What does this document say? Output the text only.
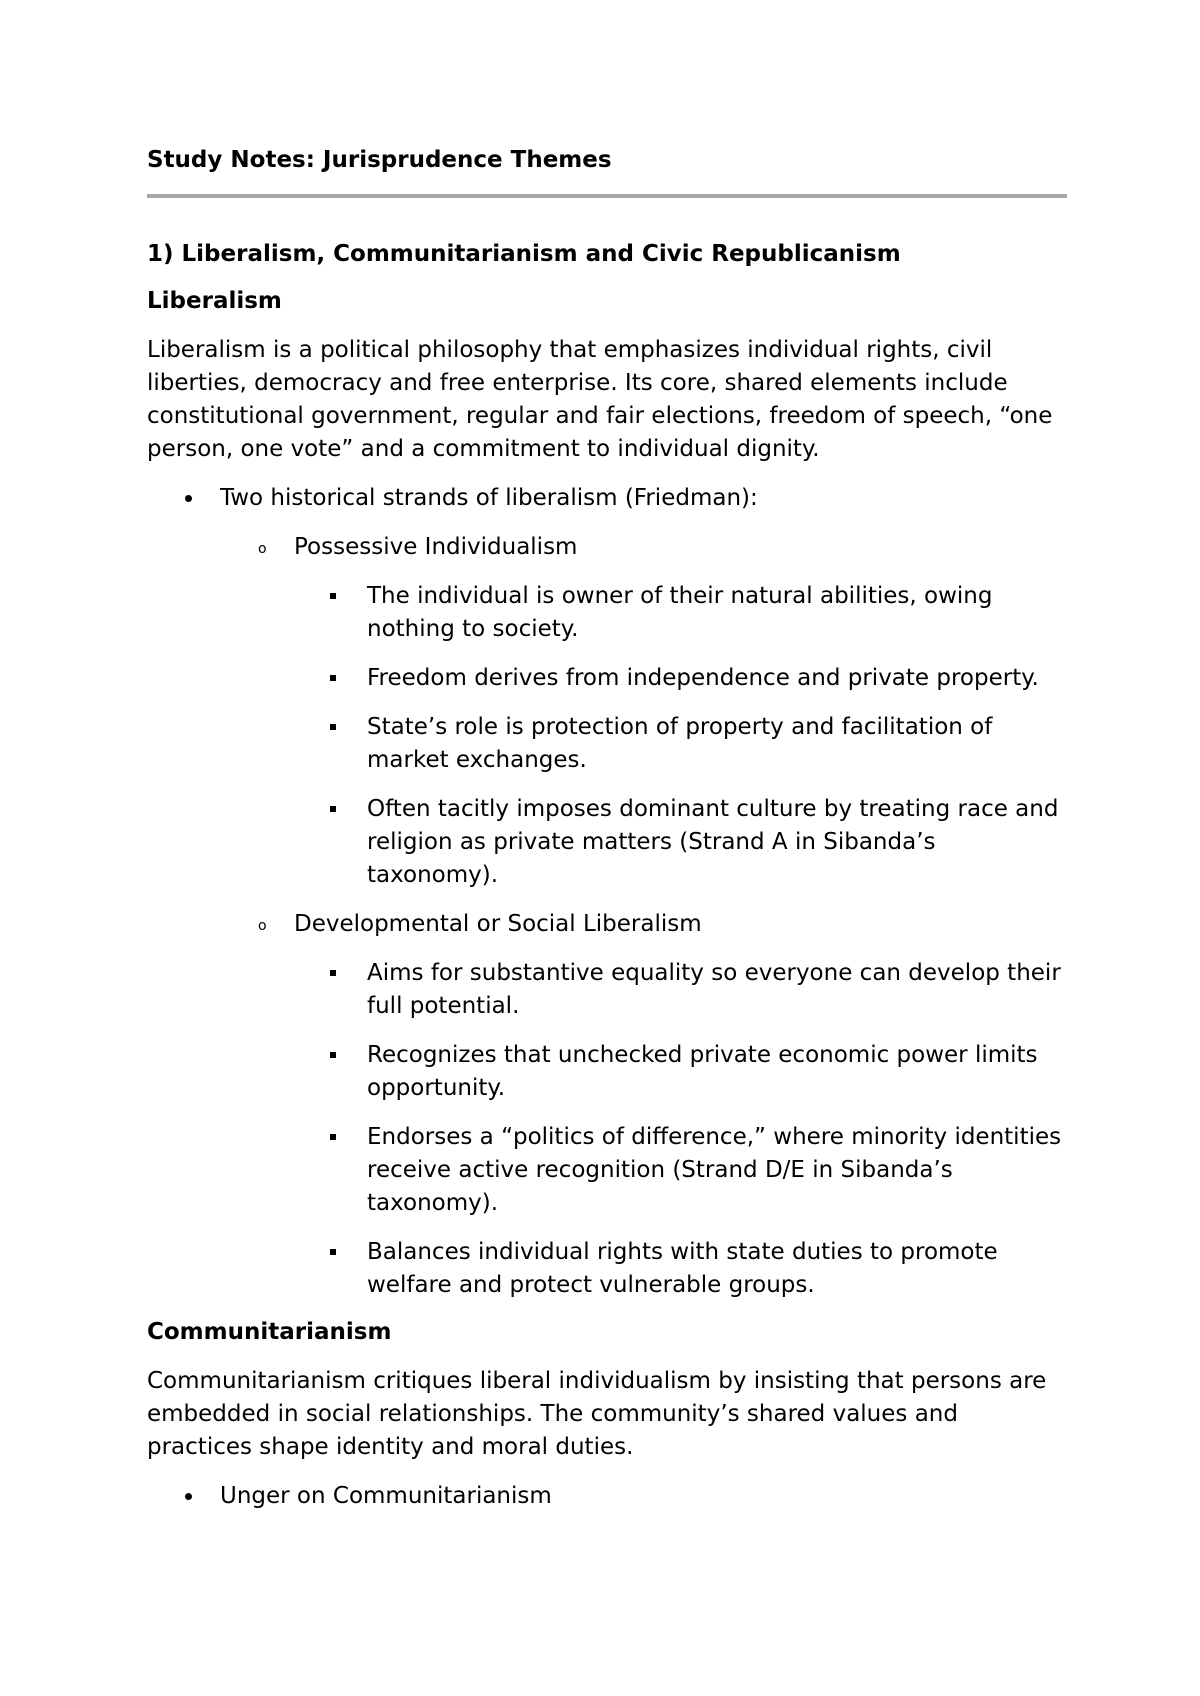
Study Notes: Jurisprudence Themes
1) Liberalism, Communitarianism and Civic Republicanism
Liberalism
Liberalism is a political philosophy that emphasizes individual rights, civil liberties, democracy and free enterprise. Its core, shared elements include constitutional government, regular and fair elections, freedom of speech, “one person, one vote” and a commitment to individual dignity.
Two historical strands of liberalism (Friedman):
o	Possessive Individualism
The individual is owner of their natural abilities, owing nothing to society.
Freedom derives from independence and private property.
State’s role is protection of property and facilitation of market exchanges.
Often tacitly imposes dominant culture by treating race and religion as private matters (Strand A in Sibanda’s taxonomy).
o	Developmental or Social Liberalism
Aims for substantive equality so everyone can develop their full potential.
Recognizes that unchecked private economic power limits opportunity.
Endorses a “politics of difference,” where minority identities receive active recognition (Strand D/E in Sibanda’s taxonomy).
Balances individual rights with state duties to promote welfare and protect vulnerable groups.
Communitarianism
Communitarianism critiques liberal individualism by insisting that persons are embedded in social relationships. The community’s shared values and practices shape identity and moral duties.
Unger on Communitarianism
